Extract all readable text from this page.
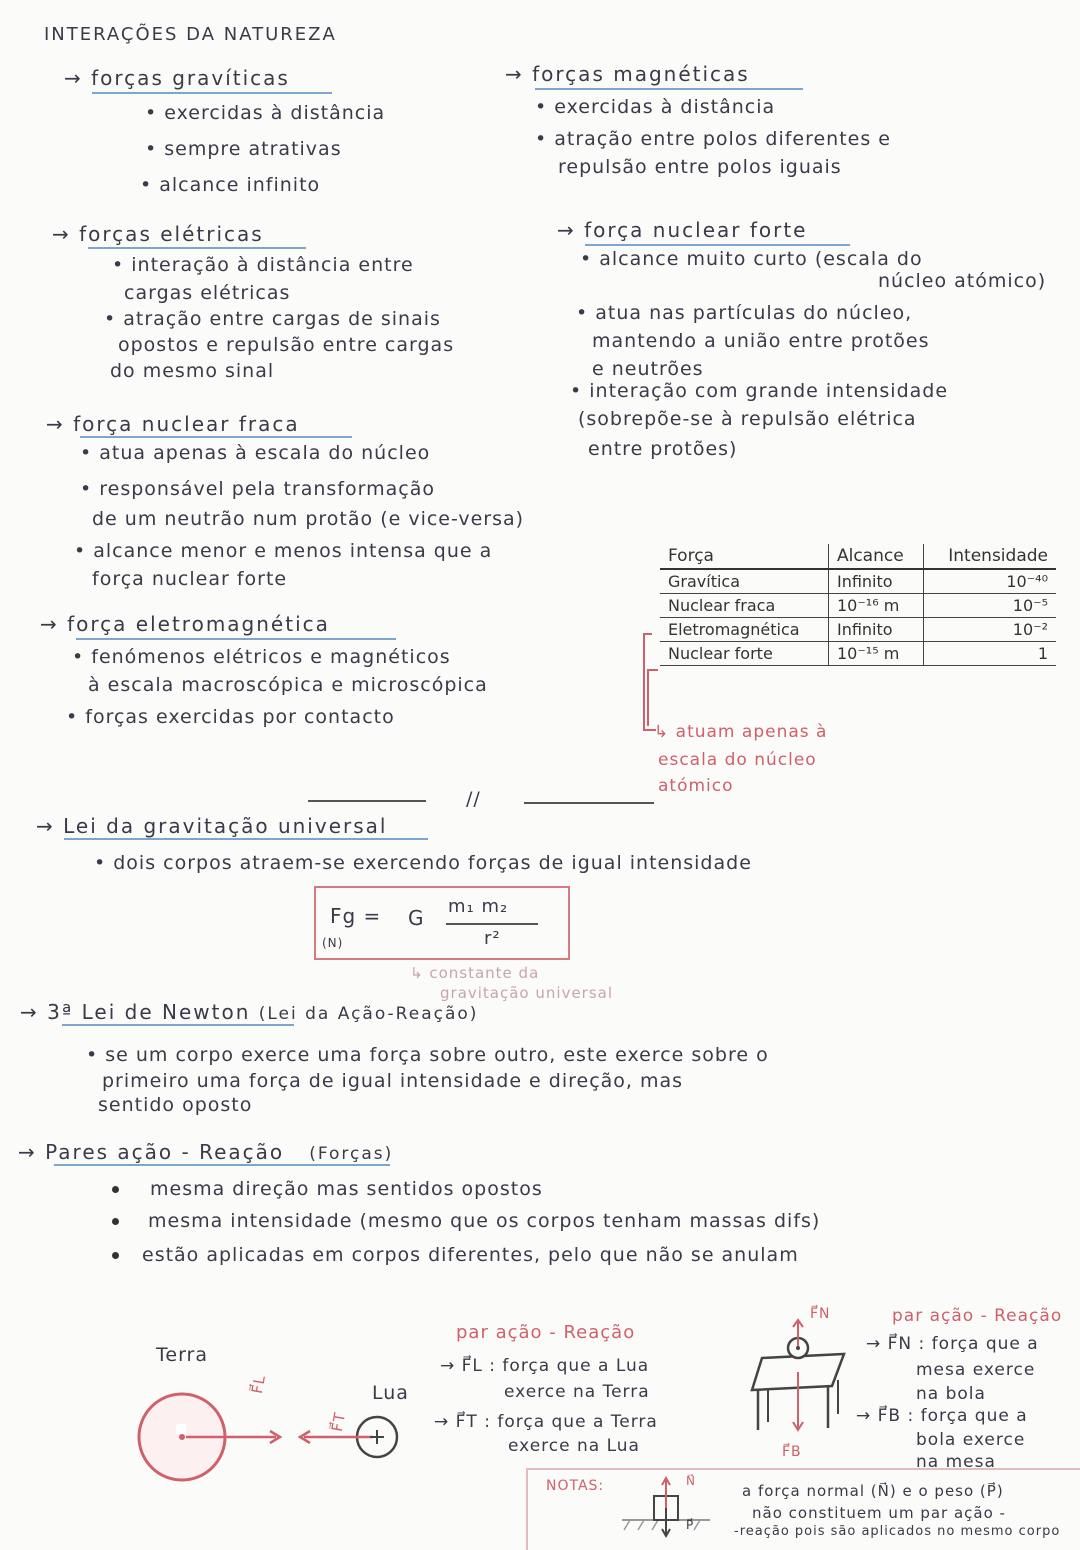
INTERAÇÕES DA NATUREZA
→ forças gravíticas
• exercidas à distância
• sempre atrativas
• alcance infinito
→ forças magnéticas
• exercidas à distância
• atração entre polos diferentes e
repulsão entre polos iguais
→ forças elétricas
• interação à distância entre
cargas elétricas
• atração entre cargas de sinais
opostos e repulsão entre cargas
do mesmo sinal
→ força nuclear forte
• alcance muito curto (escala do
núcleo atómico)
• atua nas partículas do núcleo,
mantendo a união entre protões
e neutrões
• interação com grande intensidade
(sobrepõe-se à repulsão elétrica
entre protões)
→ força nuclear fraca
• atua apenas à escala do núcleo
• responsável pela transformação
de um neutrão num protão (e vice-versa)
• alcance menor e menos intensa que a
força nuclear forte
→ força eletromagnética
• fenómenos elétricos e magnéticos
à escala macroscópica e microscópica
• forças exercidas por contacto
Força	Alcance	Intensidade
Gravítica	Infinito	10⁻⁴⁰
Nuclear fraca	10⁻¹⁶ m	10⁻⁵
Eletromagnética	Infinito	10⁻²
Nuclear forte	10⁻¹⁵ m	1
↳ atuam apenas à
escala do núcleo
atómico
//
→ Lei da gravitação universal
• dois corpos atraem-se exercendo forças de igual intensidade
Fg =
(N)
G m₁ m₂
r²
↳ constante da
gravitação universal
→ 3ª Lei de Newton (Lei da Ação-Reação)
• se um corpo exerce uma força sobre outro, este exerce sobre o
primeiro uma força de igual intensidade e direção, mas
sentido oposto
→ Pares ação - Reação (Forças)
mesma direção mas sentidos opostos
mesma intensidade (mesmo que os corpos tenham massas difs)
estão aplicadas em corpos diferentes, pelo que não se anulam
Terra
Lua
F⃗L
F⃗T
par ação - Reação
→ F⃗L : força que a Lua
exerce na Terra
→ F⃗T : força que a Terra
exerce na Lua
F⃗N
F⃗B
par ação - Reação
→ F⃗N : força que a
mesa exerce
na bola
→ F⃗B : força que a
bola exerce
na mesa
NOTAS:	N⃗
P⃗
a força normal (N⃗) e o peso (P⃗)
não constituem um par ação -
-reação pois são aplicados no mesmo corpo
